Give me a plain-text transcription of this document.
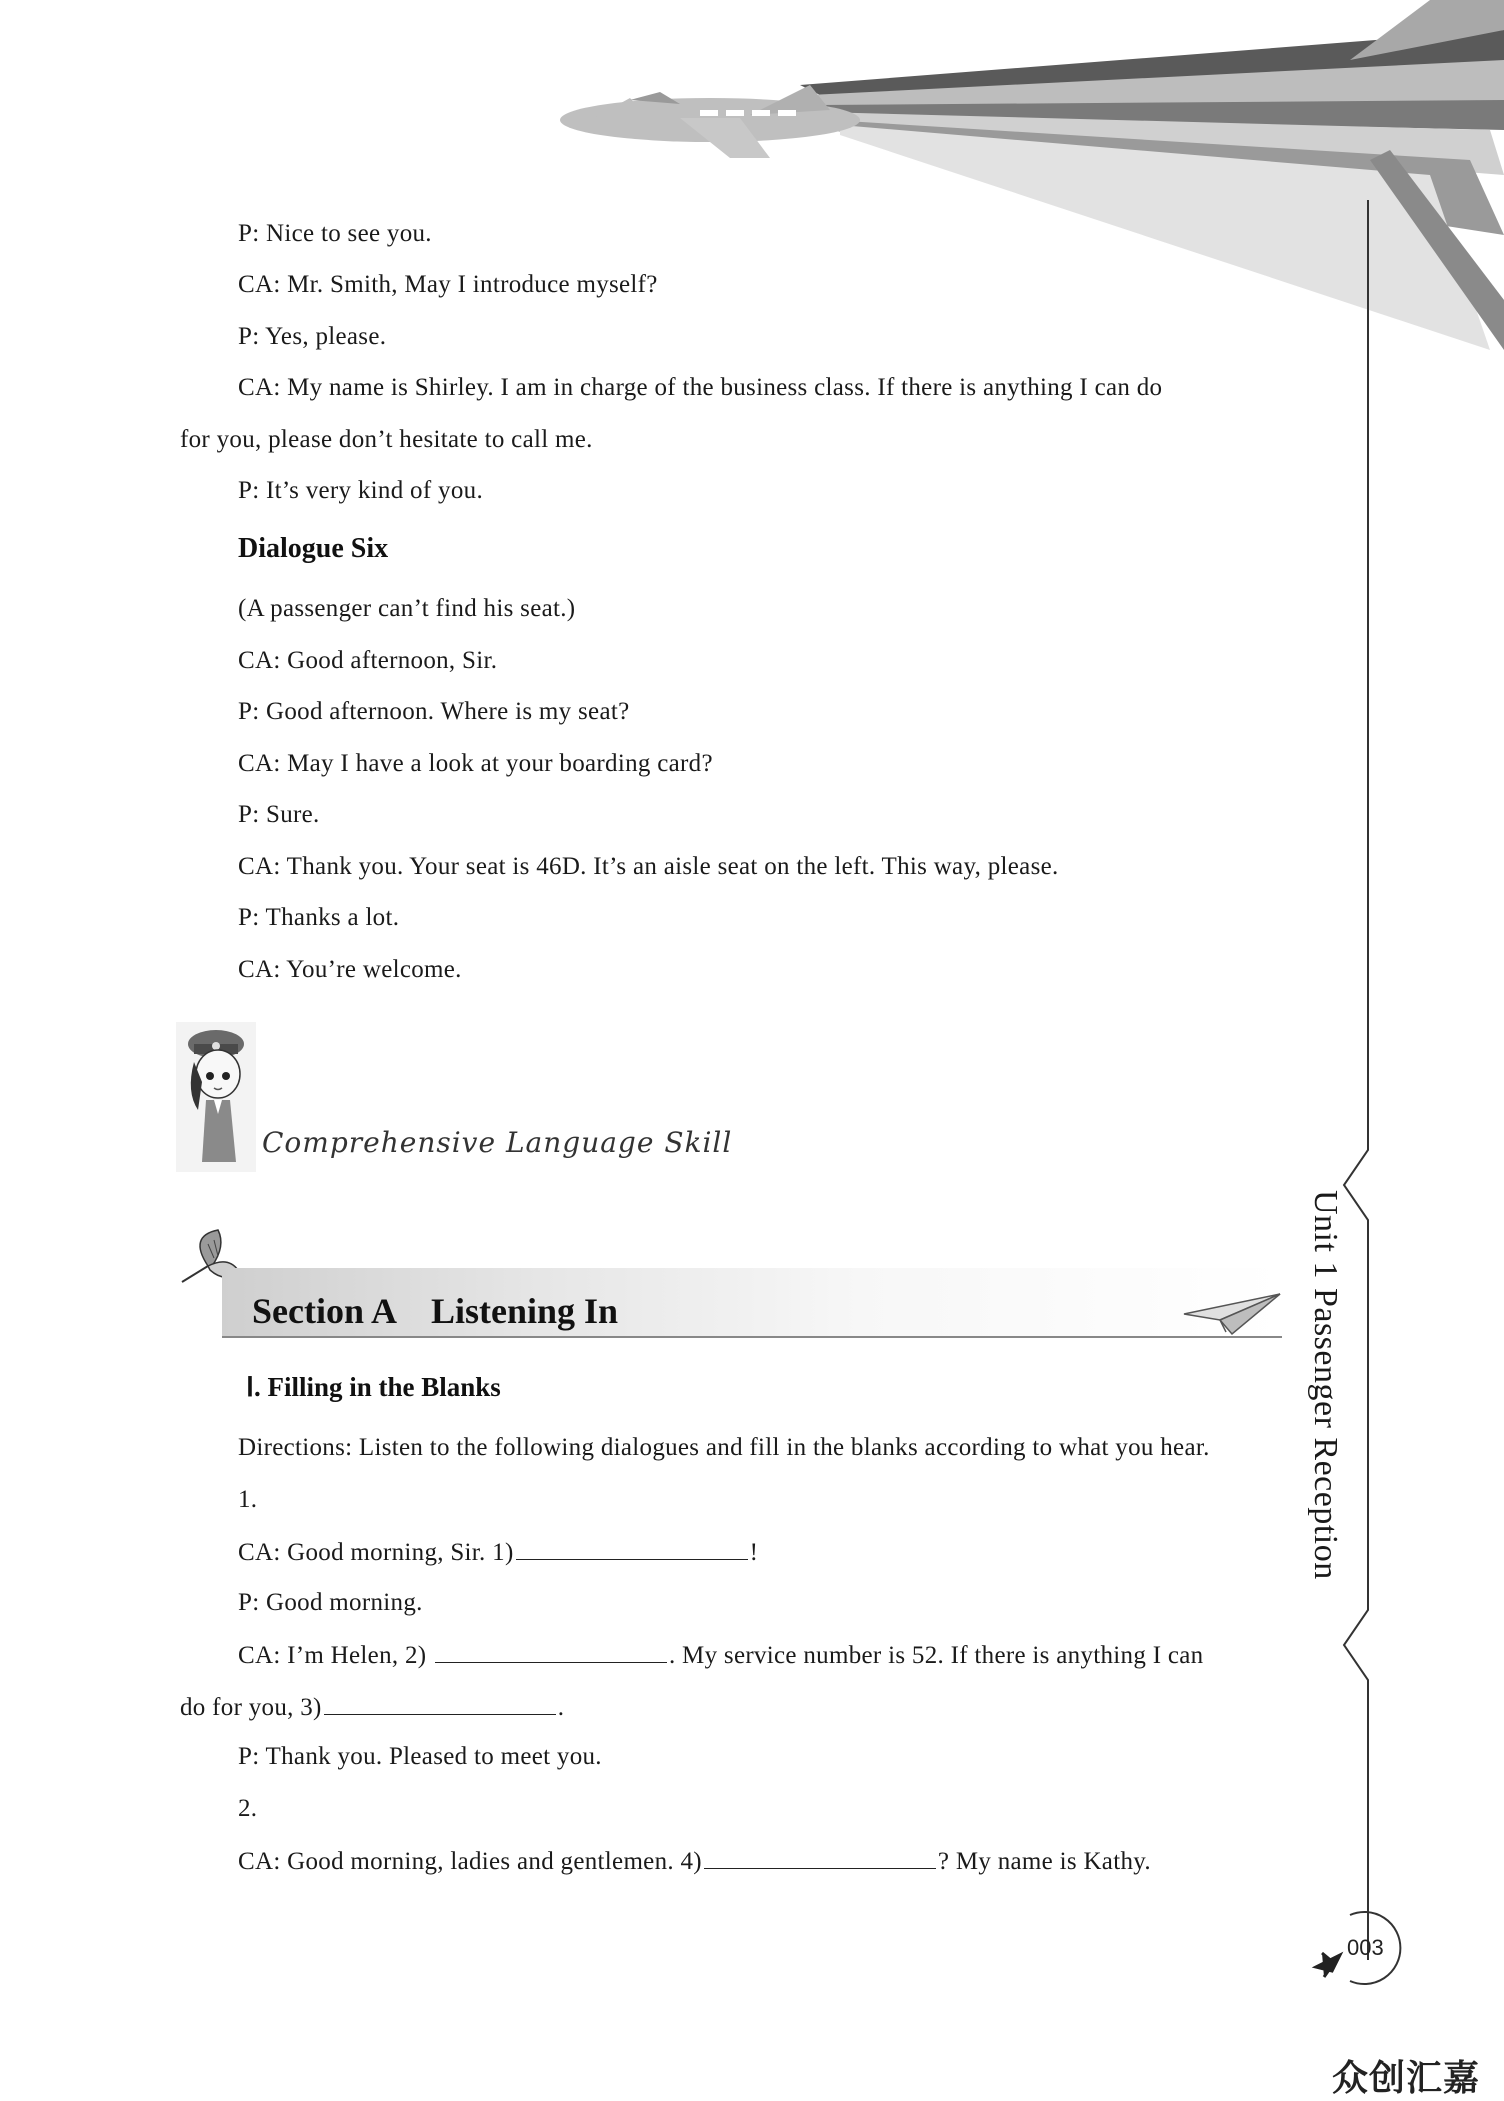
P: Nice to see you.
CA: Mr. Smith, May I introduce myself?
P: Yes, please.
CA: My name is Shirley. I am in charge of the business class. If there is anything I can do
for you, please don’t hesitate to call me.
P: It’s very kind of you.
Dialogue Six
(A passenger can’t find his seat.)
CA: Good afternoon, Sir.
P: Good afternoon. Where is my seat?
CA: May I have a look at your boarding card?
P: Sure.
CA: Thank you. Your seat is 46D. It’s an aisle seat on the left. This way, please.
P: Thanks a lot.
CA: You’re welcome.
Comprehensive Language Skill
Section A　Listening In
Ⅰ. Filling in the Blanks
Directions: Listen to the following dialogues and fill in the blanks according to what you hear.
1.
CA: Good morning, Sir. 1)	!
P: Good morning.
CA: I’m Helen, 2)	. My service number is 52. If there is anything I can
do for you, 3)	.
P: Thank you. Pleased to meet you.
2.
CA: Good morning, ladies and gentlemen. 4)	? My name is Kathy.
Unit 1 Passenger Reception
003
众创汇嘉
